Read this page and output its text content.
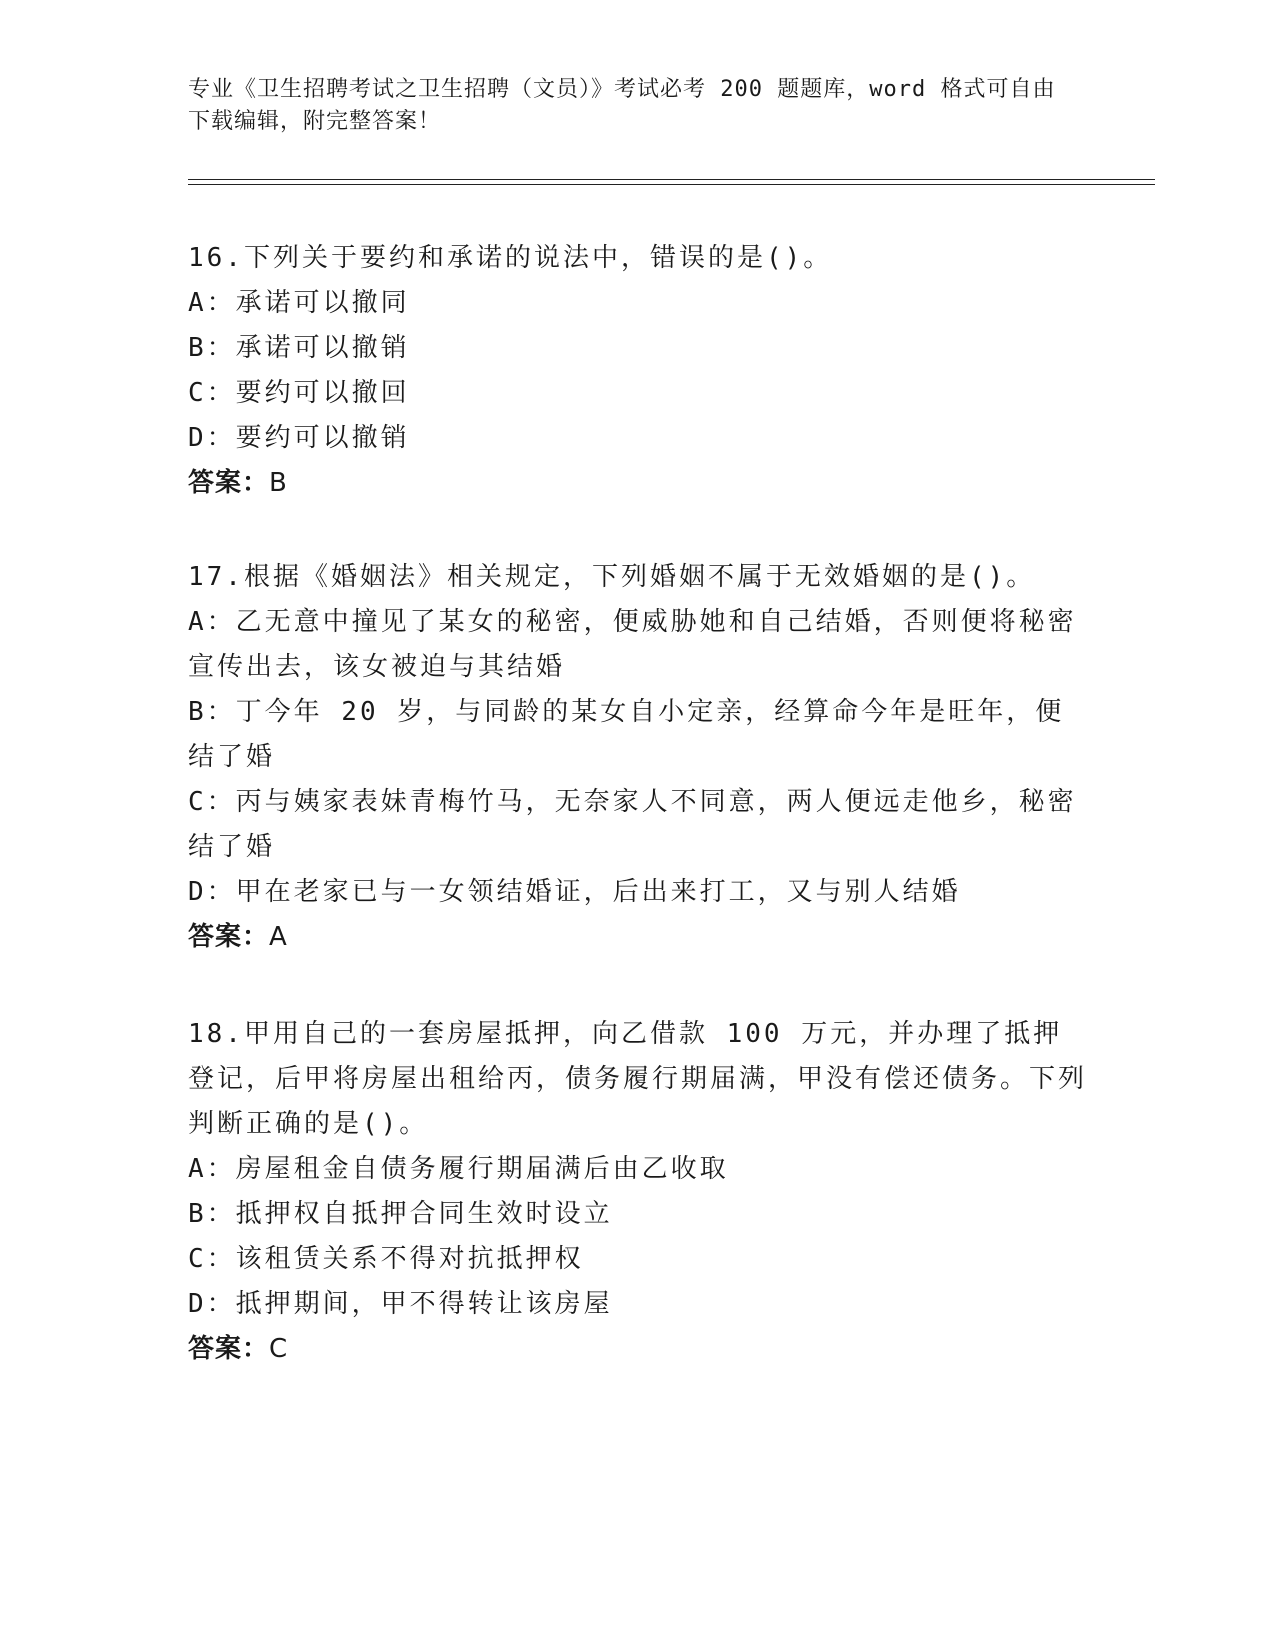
专业《卫生招聘考试之卫生招聘（文员）》考试必考 200 题题库，word 格式可自由下载编辑，附完整答案！

16.下列关于要约和承诺的说法中，错误的是()。

A：承诺可以撤同

B：承诺可以撤销

C：要约可以撤回

D：要约可以撤销

答案：B

17.根据《婚姻法》相关规定，下列婚姻不属于无效婚姻的是()。

A：乙无意中撞见了某女的秘密，便威胁她和自己结婚，否则便将秘密宣传出去，该女被迫与其结婚

B：丁今年 20 岁，与同龄的某女自小定亲，经算命今年是旺年，便结了婚

C：丙与姨家表妹青梅竹马，无奈家人不同意，两人便远走他乡，秘密结了婚

D：甲在老家已与一女领结婚证，后出来打工，又与别人结婚

答案：A

18.甲用自己的一套房屋抵押，向乙借款 100 万元，并办理了抵押登记，后甲将房屋出租给丙，债务履行期届满，甲没有偿还债务。下列判断正确的是()。

A：房屋租金自债务履行期届满后由乙收取

B：抵押权自抵押合同生效时设立

C：该租赁关系不得对抗抵押权

D：抵押期间，甲不得转让该房屋

答案：C
